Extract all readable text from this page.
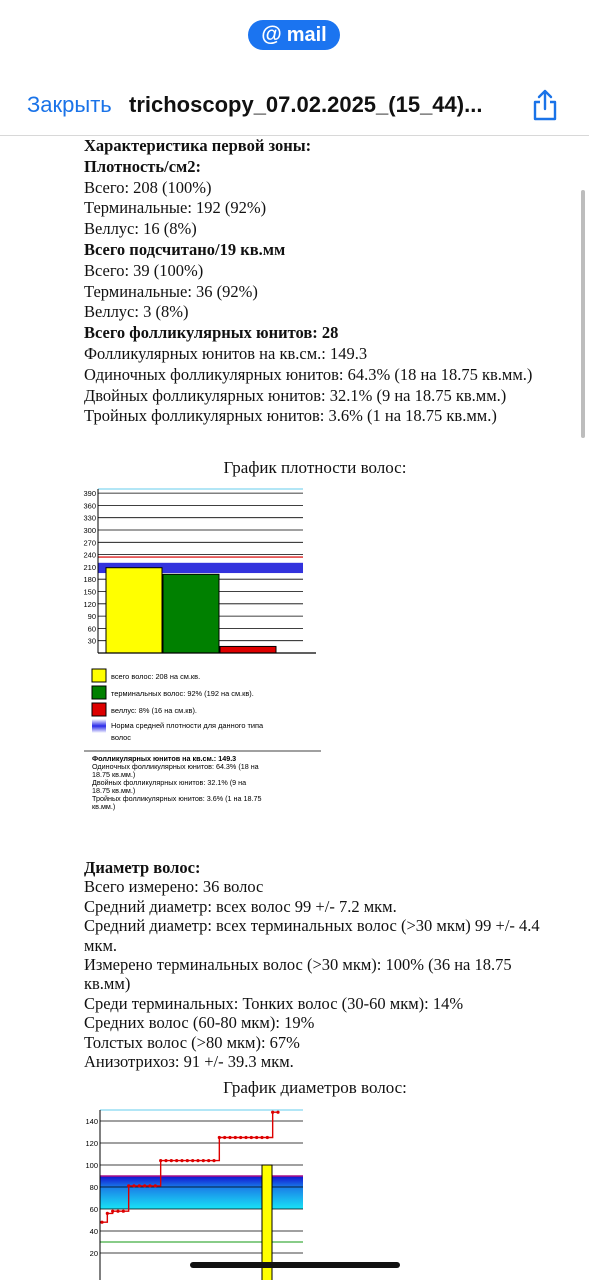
@ mail
Закрыть trichoscopy_07.02.2025_(15_44)...

Характеристика первой зоны:

Плотность/см2:

Всего: 208 (100%)

Терминальные: 192 (92%)

Веллус: 16 (8%)

Всего подсчитано/19 кв.мм

Всего: 39 (100%)

Терминальные: 36 (92%)

Веллус: 3 (8%)

Всего фолликулярных юнитов: 28

Фолликулярных юнитов на кв.см.: 149.3

Одиночных фолликулярных юнитов: 64.3% (18 на 18.75 кв.мм.)

Двойных фолликулярных юнитов: 32.1% (9 на 18.75 кв.мм.)

Тройных фолликулярных юнитов: 3.6% (1 на 18.75 кв.мм.)

График плотности волос:
30
60
90
120
150
180
210
240
270
300
330
360
390
всего волос: 208 на см.кв.
терминальных волос: 92% (192 на см.кв).
веллус: 8% (16 на см.кв).
Норма средней плотности для данного типа
волос
Фолликулярных юнитов на кв.см.: 149.3
Одиночных фолликулярных юнитов: 64.3% (18 на
18.75 кв.мм.)
Двойных фолликулярных юнитов: 32.1% (9 на
18.75 кв.мм.)
Тройных фолликулярных юнитов: 3.6% (1 на 18.75
кв.мм.)

Диаметр волос:

Всего измерено: 36 волос

Средний диаметр: всех волос 99 +/- 7.2 мкм.

Средний диаметр: всех терминальных волос (>30 мкм) 99 +/- 4.4 мкм.

Измерено терминальных волос (>30 мкм): 100% (36 на 18.75 кв.мм)

Среди терминальных: Тонких волос (30-60 мкм): 14%

Средних волос (60-80 мкм): 19%

Толстых волос (>80 мкм): 67%

Анизотрихоз: 91 +/- 39.3 мкм.

График диаметров волос:
20
40
60
80
100
120
140
